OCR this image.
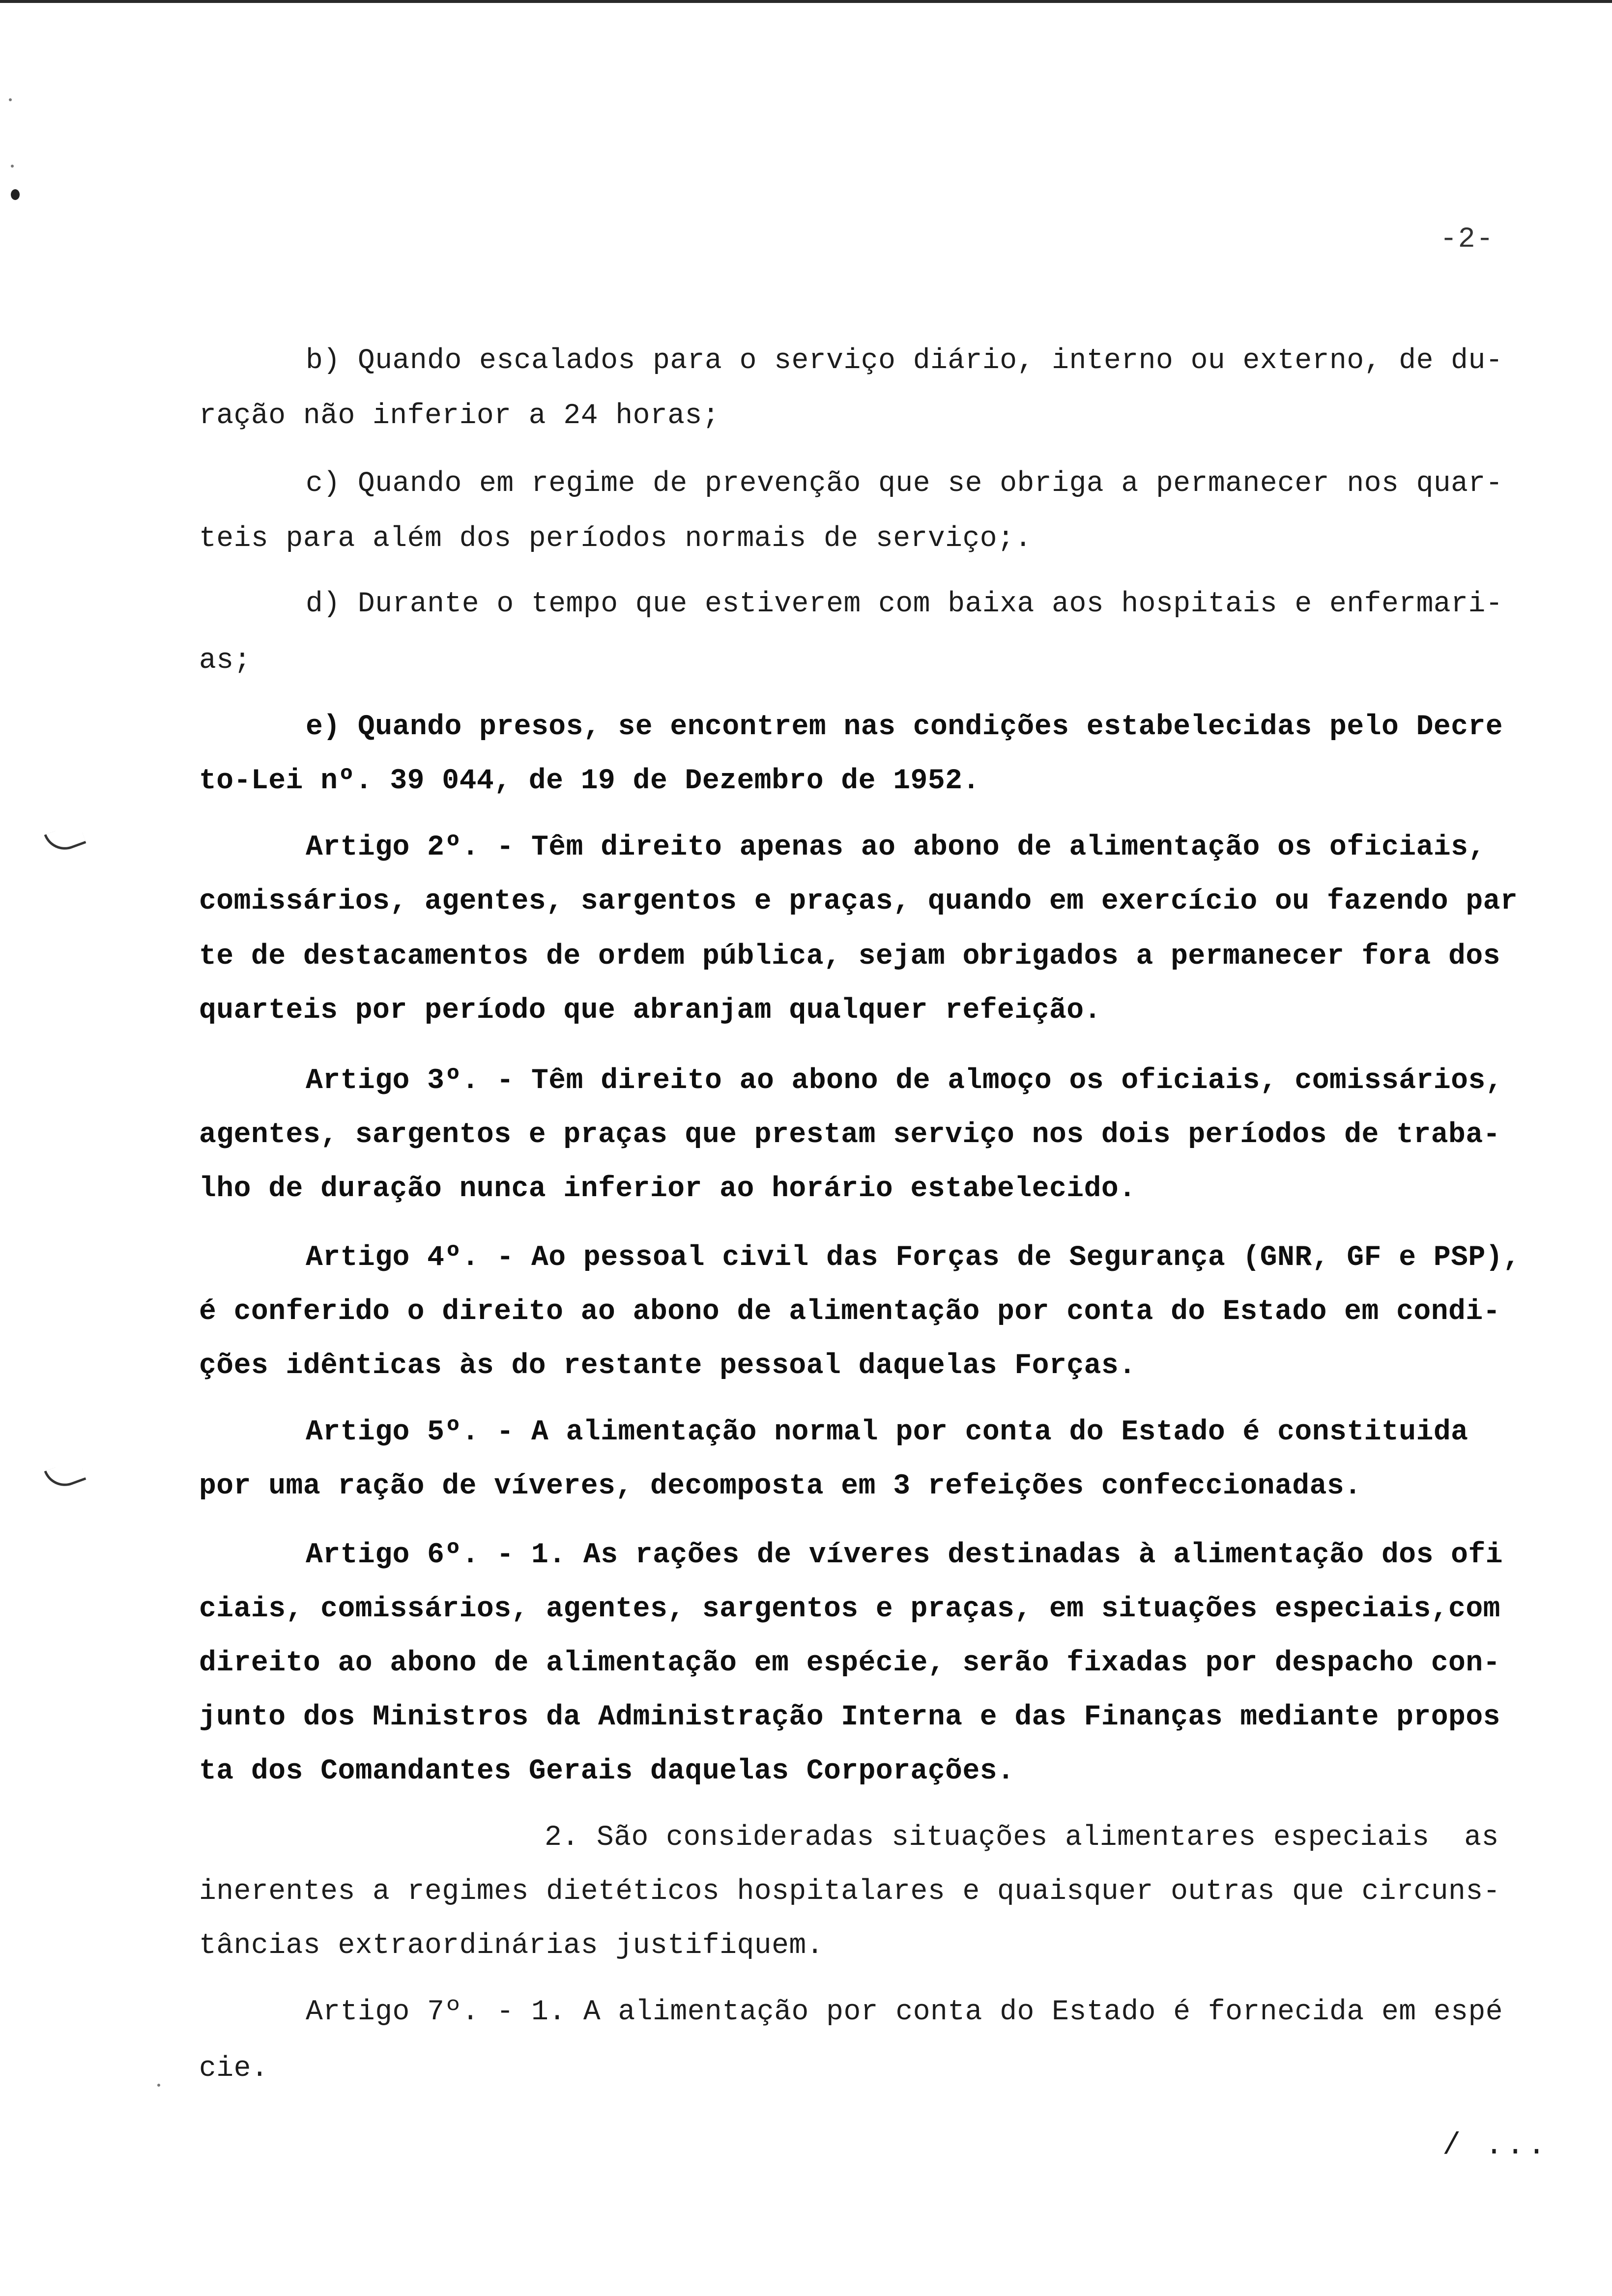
-2-
b) Quando escalados para o serviço diário, interno ou externo, de du-
ração não inferior a 24 horas;
c) Quando em regime de prevenção que se obriga a permanecer nos quar-
teis para além dos períodos normais de serviço;.
d) Durante o tempo que estiverem com baixa aos hospitais e enfermari-
as;
e) Quando presos, se encontrem nas condições estabelecidas pelo Decre
to-Lei nº. 39 044, de 19 de Dezembro de 1952.
Artigo 2º. - Têm direito apenas ao abono de alimentação os oficiais,
comissários, agentes, sargentos e praças, quando em exercício ou fazendo par
te de destacamentos de ordem pública, sejam obrigados a permanecer fora dos
quarteis por período que abranjam qualquer refeição.
Artigo 3º. - Têm direito ao abono de almoço os oficiais, comissários,
agentes, sargentos e praças que prestam serviço nos dois períodos de traba-
lho de duração nunca inferior ao horário estabelecido.
Artigo 4º. - Ao pessoal civil das Forças de Segurança (GNR, GF e PSP),
é conferido o direito ao abono de alimentação por conta do Estado em condi-
ções idênticas às do restante pessoal daquelas Forças.
Artigo 5º. - A alimentação normal por conta do Estado é constituida
por uma ração de víveres, decomposta em 3 refeições confeccionadas.
Artigo 6º. - 1. As rações de víveres destinadas à alimentação dos ofi
ciais, comissários, agentes, sargentos e praças, em situações especiais,com
direito ao abono de alimentação em espécie, serão fixadas por despacho con-
junto dos Ministros da Administração Interna e das Finanças mediante propos
ta dos Comandantes Gerais daquelas Corporações.
2. São consideradas situações alimentares especiais  as
inerentes a regimes dietéticos hospitalares e quaisquer outras que circuns-
tâncias extraordinárias justifiquem.
Artigo 7º. - 1. A alimentação por conta do Estado é fornecida em espé
cie.
/ ...
